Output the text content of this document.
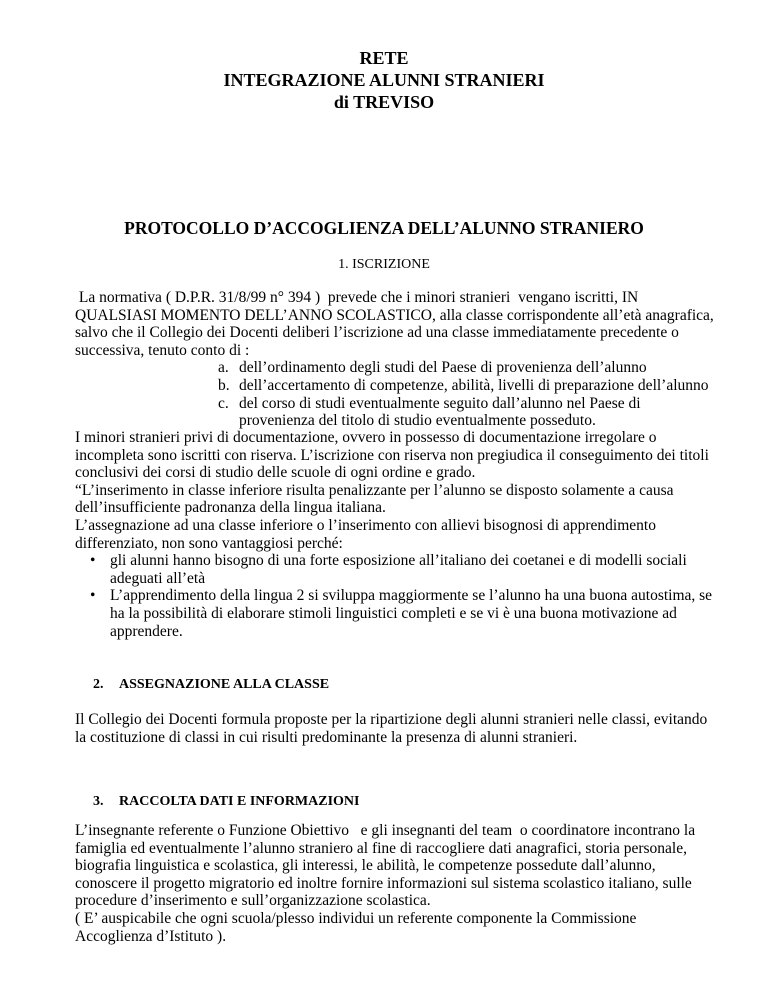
RETE
INTEGRAZIONE ALUNNI STRANIERI
di TREVISO
PROTOCOLLO D’ACCOGLIENZA DELL’ALUNNO STRANIERO
1. ISCRIZIONE

La normativa ( D.P.R. 31/8/99 n° 394 )  prevede che i minori stranieri  vengano iscritti, IN QUALSIASI MOMENTO DELL’ANNO SCOLASTICO, alla classe corrispondente all’età anagrafica, salvo che il Collegio dei Docenti deliberi l’iscrizione ad una classe immediatamente precedente o successiva, tenuto conto di :

a. dell’ordinamento degli studi del Paese di provenienza dell’alunno
b. dell’accertamento di competenze, abilità, livelli di preparazione dell’alunno
c. del corso di studi eventualmente seguito dall’alunno nel Paese di provenienza del titolo di studio eventualmente posseduto.

I minori stranieri privi di documentazione, ovvero in possesso di documentazione irregolare o incompleta sono iscritti con riserva. L’iscrizione con riserva non pregiudica il conseguimento dei titoli conclusivi dei corsi di studio delle scuole di ogni ordine e grado.

“L’inserimento in classe inferiore risulta penalizzante per l’alunno se disposto solamente a causa dell’insufficiente padronanza della lingua italiana.

L’assegnazione ad una classe inferiore o l’inserimento con allievi bisognosi di apprendimento differenziato, non sono vantaggiosi perché:

• gli alunni hanno bisogno di una forte esposizione all’italiano dei coetanei e di modelli sociali adeguati all’età
• L’apprendimento della lingua 2 si sviluppa maggiormente se l’alunno ha una buona autostima, se ha la possibilità di elaborare stimoli linguistici completi e se vi è una buona motivazione ad apprendere.
2. ASSEGNAZIONE ALLA CLASSE

Il Collegio dei Docenti formula proposte per la ripartizione degli alunni stranieri nelle classi, evitando la costituzione di classi in cui risulti predominante la presenza di alunni stranieri.

3. RACCOLTA DATI E INFORMAZIONI

L’insegnante referente o Funzione Obiettivo   e gli insegnanti del team  o coordinatore incontrano la famiglia ed eventualmente l’alunno straniero al fine di raccogliere dati anagrafici, storia personale, biografia linguistica e scolastica, gli interessi, le abilità, le competenze possedute dall’alunno, conoscere il progetto migratorio ed inoltre fornire informazioni sul sistema scolastico italiano, sulle procedure d’inserimento e sull’organizzazione scolastica.

( E’ auspicabile che ogni scuola/plesso individui un referente componente la Commissione Accoglienza d’Istituto ).
